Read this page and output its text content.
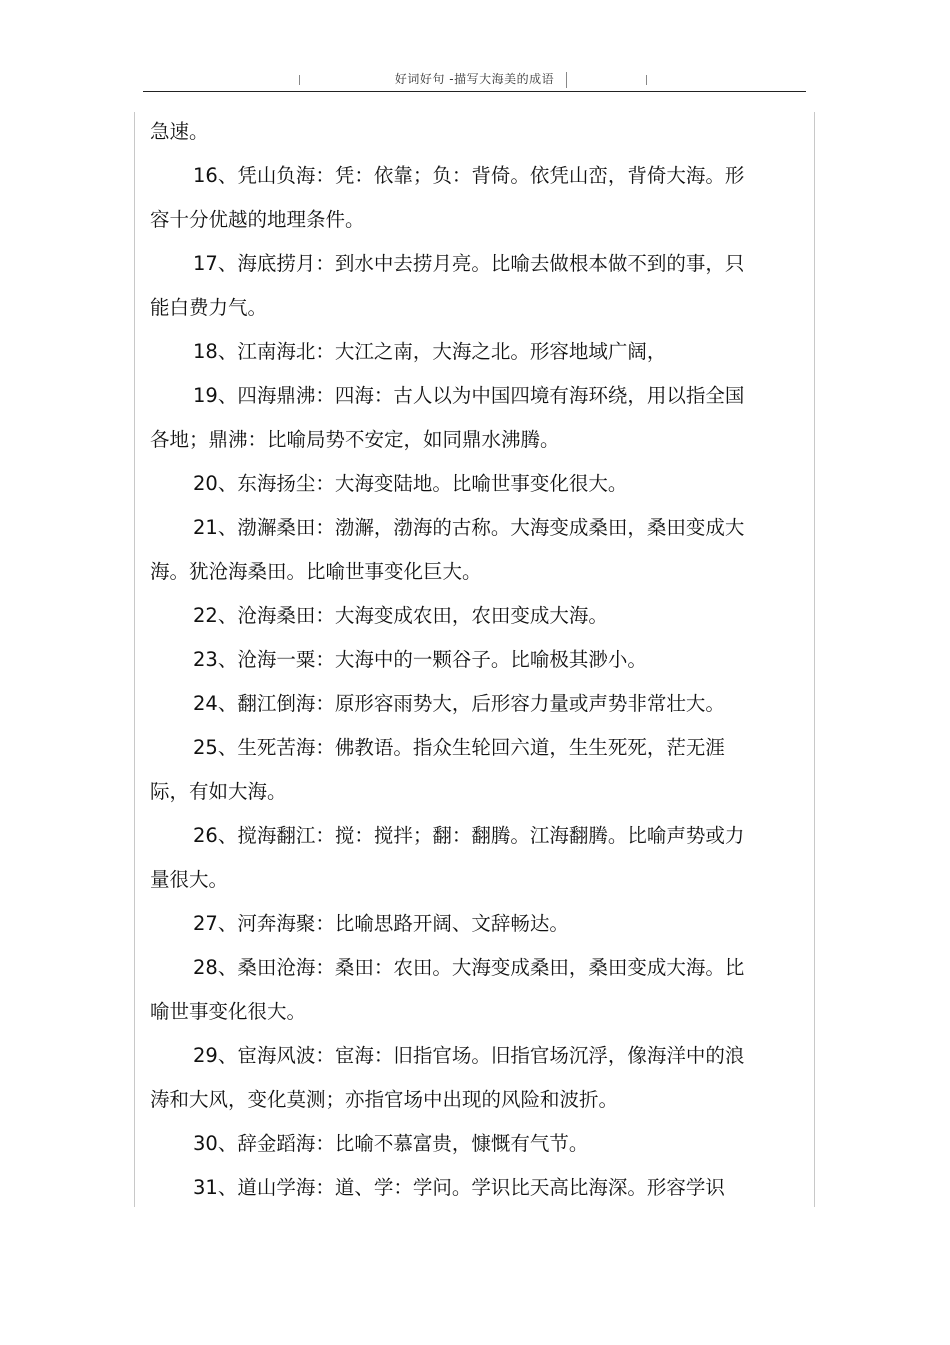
好词好句 -描写大海美的成语

急速。

16、凭山负海：凭：依靠；负：背倚。依凭山峦，背倚大海。形容十分优越的地理条件。

17、海底捞月：到水中去捞月亮。比喻去做根本做不到的事，只能白费力气。

18、江南海北：大江之南，大海之北。形容地域广阔，

19、四海鼎沸：四海：古人以为中国四境有海环绕，用以指全国各地；鼎沸：比喻局势不安定，如同鼎水沸腾。

20、东海扬尘：大海变陆地。比喻世事变化很大。

21、渤澥桑田：渤澥，渤海的古称。大海变成桑田，桑田变成大海。犹沧海桑田。比喻世事变化巨大。

22、沧海桑田：大海变成农田，农田变成大海。

23、沧海一粟：大海中的一颗谷子。比喻极其渺小。

24、翻江倒海：原形容雨势大，后形容力量或声势非常壮大。

25、生死苦海：佛教语。指众生轮回六道，生生死死，茫无涯际，有如大海。

26、搅海翻江：搅：搅拌；翻：翻腾。江海翻腾。比喻声势或力量很大。

27、河奔海聚：比喻思路开阔、文辞畅达。

28、桑田沧海：桑田：农田。大海变成桑田，桑田变成大海。比喻世事变化很大。

29、宦海风波：宦海：旧指官场。旧指官场沉浮，像海洋中的浪涛和大风，变化莫测；亦指官场中出现的风险和波折。

30、辞金蹈海：比喻不慕富贵，慷慨有气节。

31、道山学海：道、学：学问。学识比天高比海深。形容学识
